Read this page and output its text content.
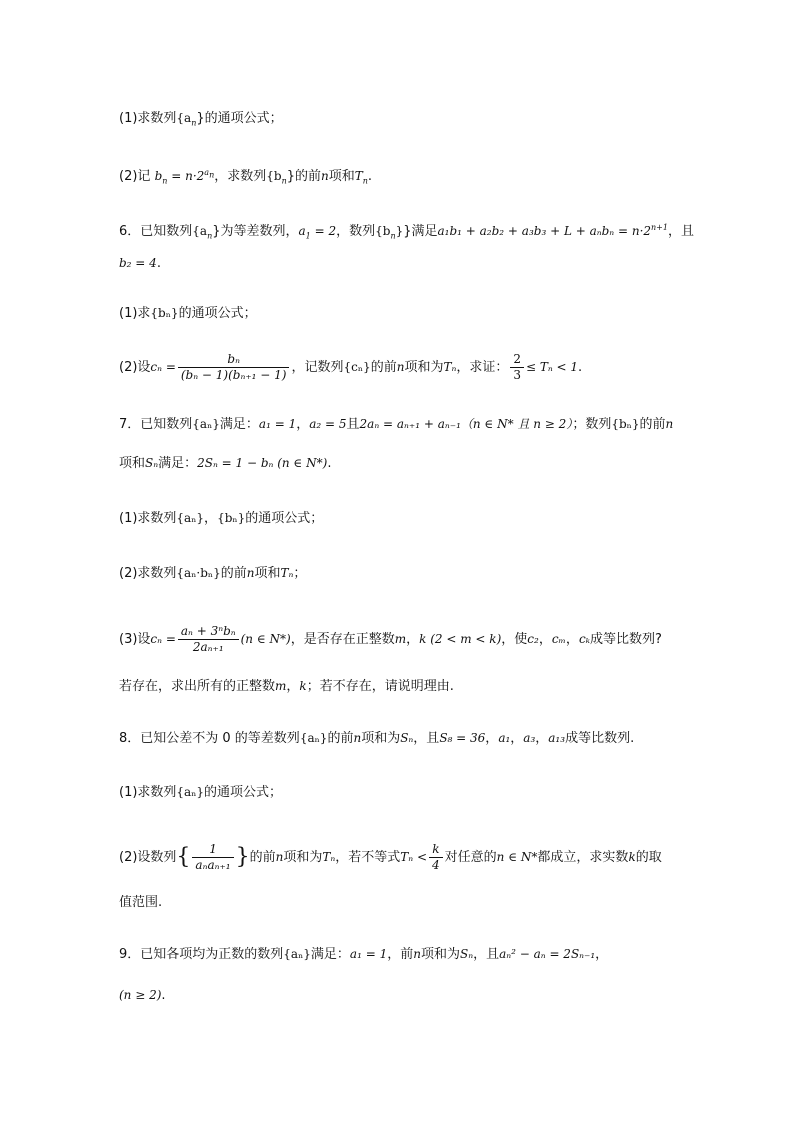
(1)求数列$\{a_n\}$的通项公式；
(2)记 $b_n = n\cdot 2^{a_n}$，求数列$\{b_n\}$的前n项和$T_n$.
6．已知数列$\{a_n\}$为等差数列，$a_1 = 2$，数列$\{b_n\}$}满足$a_1b_1 + a_2b_2 + a_3b_3 + L + a_nb_n = n\cdot 2^{n+1}$，且
b₂ = 4.
(1)求{bₙ}的通项公式；
(2)设$c_n = \frac{\text{bₙ}}{\text{(bₙ − 1)(bₙ₊₁ − 1)}}$ ，记数列{cₙ}的前n项和为Tₙ，求证： $\frac{2}{3} \le T_n < 1$.
7．已知数列{aₙ}满足：a₁ = 1，a₂ = 5且2aₙ = aₙ₊₁ + aₙ₋₁（n ∈ N* 且 n ≥ 2）；数列{bₙ}的前n
项和Sₙ满足：2Sₙ = 1 − bₙ (n ∈ N*).
(1)求数列{aₙ}，{bₙ}的通项公式；
(2)求数列{aₙ·bₙ}的前n项和Tₙ；
(3)设$c_n = \frac{\text{aₙ + 3ⁿbₙ}}{\text{2aₙ₊₁}} (n$ ∈ N*)，是否存在正整数m，k (2 < m < k)，使c₂，cₘ，cₖ成等比数列?
若存在，求出所有的正整数m，k；若不存在，请说明理由.
8．已知公差不为 0 的等差数列{aₙ}的前n项和为Sₙ，且S₈ = 36，a₁，a₃，a₁₃成等比数列.
(1)求数列{aₙ}的通项公式；
(2)设数列{ $\frac{1}{\text{aₙaₙ₊₁}}$ }的前n项和为Tₙ，若不等式$T_n < \frac{k}{4}$ 对任意的n ∈ N*都成立，求实数k的取
值范围.
9．已知各项均为正数的数列{aₙ}满足：a₁ = 1，前n项和为Sₙ，且aₙ² − aₙ = 2Sₙ₋₁，
(n ≥ 2).
